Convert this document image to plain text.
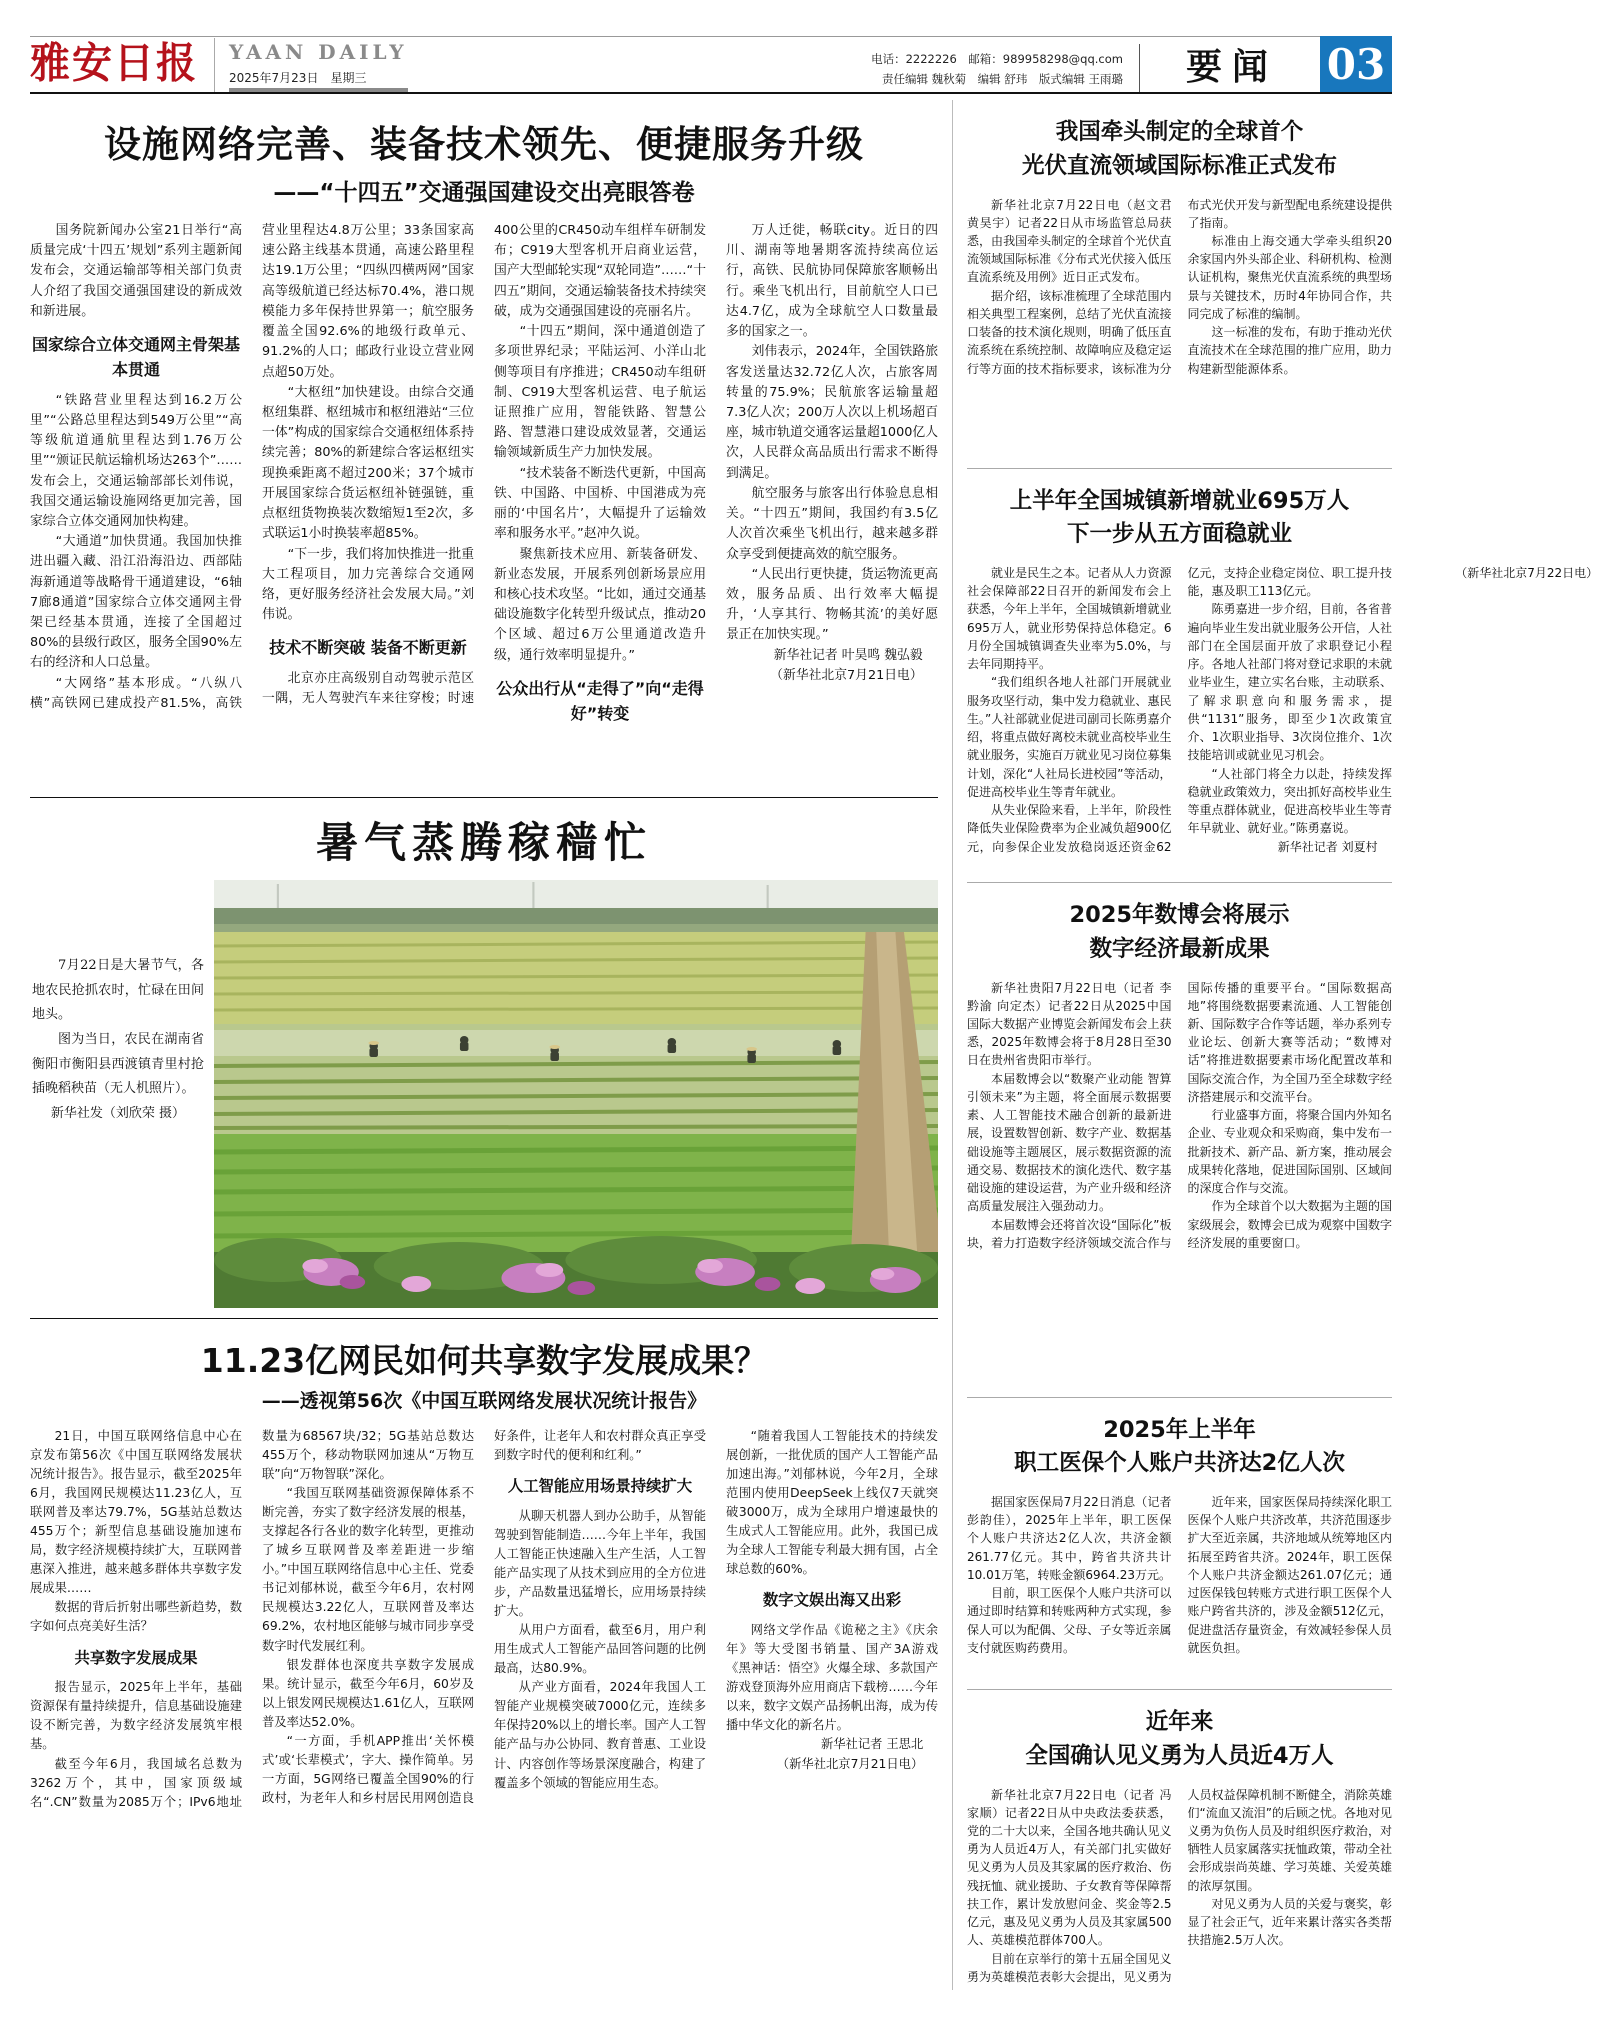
雅安日报 YAAN DAILY
2025年7月23日　星期三
电话：2222226　邮箱：989958298@qq.com
责任编辑 魏秋菊　编辑 舒玮　版式编辑 王雨璐	要闻	03
设施网络完善、装备技术领先、便捷服务升级
——“十四五”交通强国建设交出亮眼答卷

国务院新闻办公室21日举行“高质量完成‘十四五’规划”系列主题新闻发布会，交通运输部等相关部门负责人介绍了我国交通强国建设的新成效和新进展。

国家综合立体交通网主骨架基本贯通

“铁路营业里程达到16.2万公里”“公路总里程达到549万公里”“高等级航道通航里程达到1.76万公里”“颁证民航运输机场达263个”……发布会上，交通运输部部长刘伟说，我国交通运输设施网络更加完善，国家综合立体交通网加快构建。

“大通道”加快贯通。我国加快推进出疆入藏、沿江沿海沿边、西部陆海新通道等战略骨干通道建设，“6轴7廊8通道”国家综合立体交通网主骨架已经基本贯通，连接了全国超过80%的县级行政区，服务全国90%左右的经济和人口总量。

“大网络”基本形成。“八纵八横”高铁网已建成投产81.5%，高铁营业里程达4.8万公里；33条国家高速公路主线基本贯通，高速公路里程达19.1万公里；“四纵四横两网”国家高等级航道已经达标70.4%，港口规模能力多年保持世界第一；航空服务覆盖全国92.6%的地级行政单元、91.2%的人口；邮政行业设立营业网点超50万处。

“大枢纽”加快建设。由综合交通枢纽集群、枢纽城市和枢纽港站“三位一体”构成的国家综合交通枢纽体系持续完善；80%的新建综合客运枢纽实现换乘距离不超过200米；37个城市开展国家综合货运枢纽补链强链，重点枢纽货物换装次数缩短1至2次，多式联运1小时换装率超85%。

“下一步，我们将加快推进一批重大工程项目，加力完善综合交通网络，更好服务经济社会发展大局。”刘伟说。

技术不断突破 装备不断更新

北京亦庄高级别自动驾驶示范区一隅，无人驾驶汽车来往穿梭；时速400公里的CR450动车组样车研制发布；C919大型客机开启商业运营，国产大型邮轮实现“双轮同造”……“十四五”期间，交通运输装备技术持续突破，成为交通强国建设的亮丽名片。

“十四五”期间，深中通道创造了多项世界纪录；平陆运河、小洋山北侧等项目有序推进；CR450动车组研制、C919大型客机运营、电子航运证照推广应用，智能铁路、智慧公路、智慧港口建设成效显著，交通运输领域新质生产力加快发展。

“技术装备不断迭代更新，中国高铁、中国路、中国桥、中国港成为亮丽的‘中国名片’，大幅提升了运输效率和服务水平。”赵冲久说。

聚焦新技术应用、新装备研发、新业态发展，开展系列创新场景应用和核心技术攻坚。“比如，通过交通基础设施数字化转型升级试点，推动20个区域、超过6万公里通道改造升级，通行效率明显提升。”

公众出行从“走得了”向“走得好”转变

万人迁徙，畅联city。近日的四川、湖南等地暑期客流持续高位运行，高铁、民航协同保障旅客顺畅出行。乘坐飞机出行，目前航空人口已达4.7亿，成为全球航空人口数量最多的国家之一。

刘伟表示，2024年，全国铁路旅客发送量达32.72亿人次，占旅客周转量的75.9%；民航旅客运输量超7.3亿人次；200万人次以上机场超百座，城市轨道交通客运量超1000亿人次，人民群众高品质出行需求不断得到满足。

航空服务与旅客出行体验息息相关。“十四五”期间，我国约有3.5亿人次首次乘坐飞机出行，越来越多群众享受到便捷高效的航空服务。

“人民出行更快捷，货运物流更高效，服务品质、出行效率大幅提升，‘人享其行、物畅其流’的美好愿景正在加快实现。”

新华社记者 叶昊鸣 魏弘毅

（新华社北京7月21日电）

暑气蒸腾稼穑忙

7月22日是大暑节气，各地农民抢抓农时，忙碌在田间地头。

图为当日，农民在湖南省衡阳市衡阳县西渡镇青里村抢插晚稻秧苗（无人机照片）。

新华社发（刘欣荣 摄）

11.23亿网民如何共享数字发展成果？
——透视第56次《中国互联网络发展状况统计报告》

21日，中国互联网络信息中心在京发布第56次《中国互联网络发展状况统计报告》。报告显示，截至2025年6月，我国网民规模达11.23亿人，互联网普及率达79.7%，5G基站总数达455万个；新型信息基础设施加速布局，数字经济规模持续扩大，互联网普惠深入推进，越来越多群体共享数字发展成果……

数据的背后折射出哪些新趋势，数字如何点亮美好生活？

共享数字发展成果

报告显示，2025年上半年，基础资源保有量持续提升，信息基础设施建设不断完善，为数字经济发展筑牢根基。

截至今年6月，我国域名总数为3262万个，其中，国家顶级域名“.CN”数量为2085万个；IPv6地址数量为68567块/32；5G基站总数达455万个，移动物联网加速从“万物互联”向“万物智联”深化。

“我国互联网基础资源保障体系不断完善，夯实了数字经济发展的根基，支撑起各行各业的数字化转型，更推动了城乡互联网普及率差距进一步缩小。”中国互联网络信息中心主任、党委书记刘郁林说，截至今年6月，农村网民规模达3.22亿人，互联网普及率达69.2%，农村地区能够与城市同步享受数字时代发展红利。

银发群体也深度共享数字发展成果。统计显示，截至今年6月，60岁及以上银发网民规模达1.61亿人，互联网普及率达52.0%。

“一方面，手机APP推出‘关怀模式’或‘长辈模式’，字大、操作简单。另一方面，5G网络已覆盖全国90%的行政村，为老年人和乡村居民用网创造良好条件，让老年人和农村群众真正享受到数字时代的便利和红利。”

人工智能应用场景持续扩大

从聊天机器人到办公助手，从智能驾驶到智能制造……今年上半年，我国人工智能正快速融入生产生活，人工智能产品实现了从技术到应用的全方位进步，产品数量迅猛增长，应用场景持续扩大。

从用户方面看，截至6月，用户利用生成式人工智能产品回答问题的比例最高，达80.9%。

从产业方面看，2024年我国人工智能产业规模突破7000亿元，连续多年保持20%以上的增长率。国产人工智能产品与办公协同、教育普惠、工业设计、内容创作等场景深度融合，构建了覆盖多个领域的智能应用生态。

“随着我国人工智能技术的持续发展创新，一批优质的国产人工智能产品加速出海。”刘郁林说，今年2月，全球范围内使用DeepSeek上线仅7天就突破3000万，成为全球用户增速最快的生成式人工智能应用。此外，我国已成为全球人工智能专利最大拥有国，占全球总数的60%。

数字文娱出海又出彩

网络文学作品《诡秘之主》《庆余年》等大受图书销量、国产3A游戏《黑神话：悟空》火爆全球、多款国产游戏登顶海外应用商店下载榜……今年以来，数字文娱产品扬帆出海，成为传播中华文化的新名片。

新华社记者 王思北

（新华社北京7月21日电）

我国牵头制定的全球首个
光伏直流领域国际标准正式发布

新华社北京7月22日电（赵文君 黄昊宇）记者22日从市场监管总局获悉，由我国牵头制定的全球首个光伏直流领域国际标准《分布式光伏接入低压直流系统及用例》近日正式发布。

据介绍，该标准梳理了全球范围内相关典型工程案例，总结了光伏直流接口装备的技术演化规则，明确了低压直流系统在系统控制、故障响应及稳定运行等方面的技术指标要求，该标准为分布式光伏开发与新型配电系统建设提供了指南。

标准由上海交通大学牵头组织20余家国内外头部企业、科研机构、检测认证机构，聚焦光伏直流系统的典型场景与关键技术，历时4年协同合作，共同完成了标准的编制。

这一标准的发布，有助于推动光伏直流技术在全球范围的推广应用，助力构建新型能源体系。

上半年全国城镇新增就业695万人
下一步从五方面稳就业

就业是民生之本。记者从人力资源社会保障部22日召开的新闻发布会上获悉，今年上半年，全国城镇新增就业695万人，就业形势保持总体稳定。6月份全国城镇调查失业率为5.0%，与去年同期持平。

“我们组织各地人社部门开展就业服务攻坚行动，集中发力稳就业、惠民生。”人社部就业促进司副司长陈勇嘉介绍，将重点做好离校未就业高校毕业生就业服务，实施百万就业见习岗位募集计划，深化“人社局长进校园”等活动，促进高校毕业生等青年就业。

从失业保险来看，上半年，阶段性降低失业保险费率为企业减负超900亿元，向参保企业发放稳岗返还资金62亿元，支持企业稳定岗位、职工提升技能，惠及职工113亿元。

陈勇嘉进一步介绍，目前，各省普遍向毕业生发出就业服务公开信，人社部门在全国层面开放了求职登记小程序。各地人社部门将对登记求职的未就业毕业生，建立实名台账，主动联系、了解求职意向和服务需求，提供“1131”服务，即至少1次政策宣介、1次职业指导、3次岗位推介、1次技能培训或就业见习机会。

“人社部门将全力以赴，持续发挥稳就业政策效力，突出抓好高校毕业生等重点群体就业，促进高校毕业生等青年早就业、就好业。”陈勇嘉说。

新华社记者 刘夏村

（新华社北京7月22日电）

2025年数博会将展示
数字经济最新成果

新华社贵阳7月22日电（记者 李黔渝 向定杰）记者22日从2025中国国际大数据产业博览会新闻发布会上获悉，2025年数博会将于8月28日至30日在贵州省贵阳市举行。

本届数博会以“数聚产业动能 智算引领未来”为主题，将全面展示数据要素、人工智能技术融合创新的最新进展，设置数智创新、数字产业、数据基础设施等主题展区，展示数据资源的流通交易、数据技术的演化迭代、数字基础设施的建设运营，为产业升级和经济高质量发展注入强劲动力。

本届数博会还将首次设“国际化”板块，着力打造数字经济领域交流合作与国际传播的重要平台。“国际数据高地”将围绕数据要素流通、人工智能创新、国际数字合作等话题，举办系列专业论坛、创新大赛等活动；“数博对话”将推进数据要素市场化配置改革和国际交流合作，为全国乃至全球数字经济搭建展示和交流平台。

行业盛事方面，将聚合国内外知名企业、专业观众和采购商，集中发布一批新技术、新产品、新方案，推动展会成果转化落地，促进国际国别、区域间的深度合作与交流。

作为全球首个以大数据为主题的国家级展会，数博会已成为观察中国数字经济发展的重要窗口。

2025年上半年
职工医保个人账户共济达2亿人次

据国家医保局7月22日消息（记者 彭韵佳），2025年上半年，职工医保个人账户共济达2亿人次，共济金额261.77亿元。其中，跨省共济共计10.01万笔，转账金额6964.23万元。

目前，职工医保个人账户共济可以通过即时结算和转账两种方式实现，参保人可以为配偶、父母、子女等近亲属支付就医购药费用。

近年来，国家医保局持续深化职工医保个人账户共济改革，共济范围逐步扩大至近亲属，共济地域从统筹地区内拓展至跨省共济。2024年，职工医保个人账户共济金额达261.07亿元；通过医保钱包转账方式进行职工医保个人账户跨省共济的，涉及金额512亿元，促进盘活存量资金，有效减轻参保人员就医负担。

近年来
全国确认见义勇为人员近4万人

新华社北京7月22日电（记者 冯家顺）记者22日从中央政法委获悉，党的二十大以来，全国各地共确认见义勇为人员近4万人，有关部门扎实做好见义勇为人员及其家属的医疗救治、伤残抚恤、就业援助、子女教育等保障帮扶工作，累计发放慰问金、奖金等2.5亿元，惠及见义勇为人员及其家属500人、英雄模范群体700人。

目前在京举行的第十五届全国见义勇为英雄模范表彰大会提出，见义勇为人员权益保障机制不断健全，消除英雄们“流血又流泪”的后顾之忧。各地对见义勇为负伤人员及时组织医疗救治，对牺牲人员家属落实抚恤政策，带动全社会形成崇尚英雄、学习英雄、关爱英雄的浓厚氛围。

对见义勇为人员的关爱与褒奖，彰显了社会正气，近年来累计落实各类帮扶措施2.5万人次。
